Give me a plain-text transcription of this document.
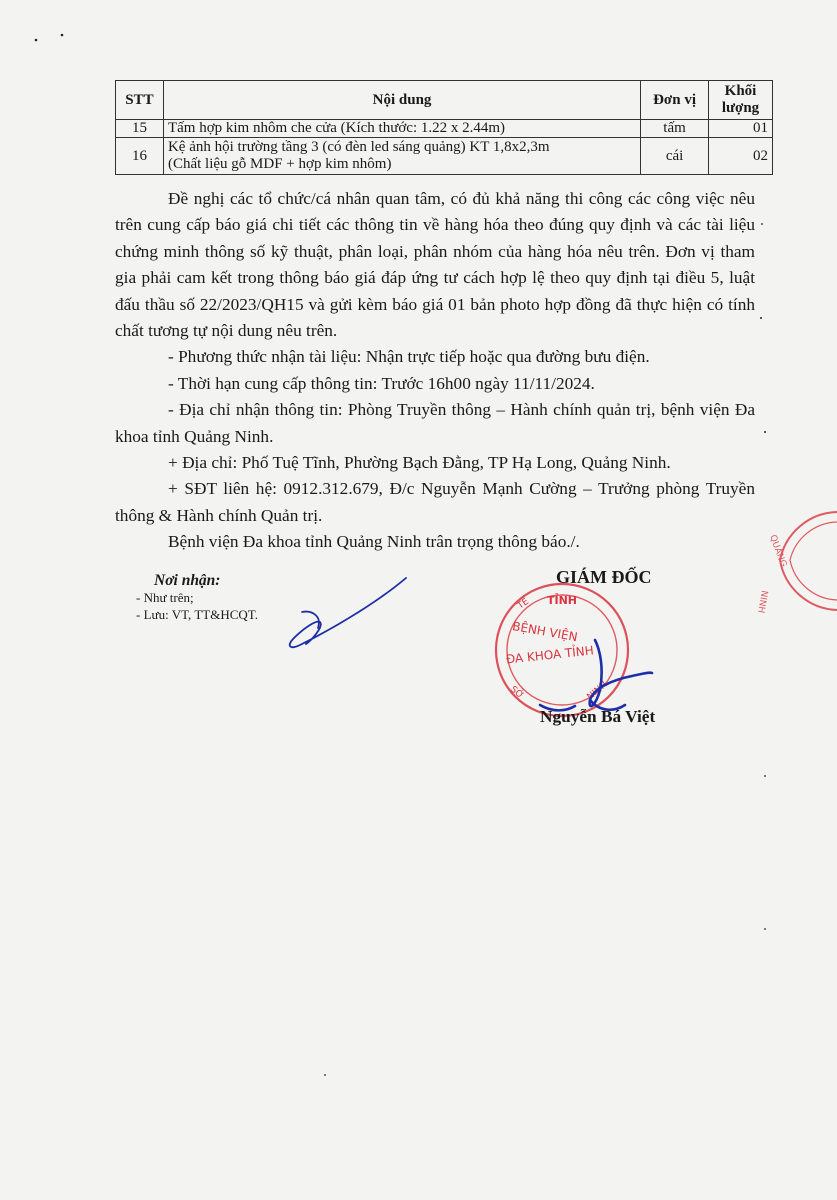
STT	Nội dung	Đơn vị	Khối
lượng
15	Tấm hợp kim nhôm che cửa (Kích thước: 1.22 x 2.44m)	tấm	01
16	Kệ ảnh hội trường tầng 3 (có đèn led sáng quảng) KT 1,8x2,3m
(Chất liệu gỗ MDF + hợp kim nhôm)	cái	02

Đề nghị các tổ chức/cá nhân quan tâm, có đủ khả năng thi công các công việc nêu trên cung cấp báo giá chi tiết các thông tin về hàng hóa theo đúng quy định và các tài liệu chứng minh thông số kỹ thuật, phân loại, phân nhóm của hàng hóa nêu trên. Đơn vị tham gia phải cam kết trong thông báo giá đáp ứng tư cách hợp lệ theo quy định tại điều 5, luật đấu thầu số 22/2023/QH15 và gửi kèm báo giá 01 bản photo hợp đồng đã thực hiện có tính chất tương tự nội dung nêu trên.

- Phương thức nhận tài liệu: Nhận trực tiếp hoặc qua đường bưu điện.

- Thời hạn cung cấp thông tin: Trước 16h00 ngày 11/11/2024.

- Địa chỉ nhận thông tin: Phòng Truyền thông – Hành chính quản trị, bệnh viện Đa khoa tỉnh Quảng Ninh.

+ Địa chỉ: Phố Tuệ Tĩnh, Phường Bạch Đằng, TP Hạ Long, Quảng Ninh.

+ SĐT liên hệ: 0912.312.679, Đ/c Nguyễn Mạnh Cường – Trưởng phòng Truyền thông & Hành chính Quản trị.

Bệnh viện Đa khoa tỉnh Quảng Ninh trân trọng thông báo./.
Nơi nhận:
- Như trên;
- Lưu: VT, TT&HCQT.
GIÁM ĐỐC
TỈNH
BỆNH VIỆN
ĐA KHOA TỈNH
TẾ
SỞ	NINH
QUẢNG
NINH
Nguyễn Bá Việt
